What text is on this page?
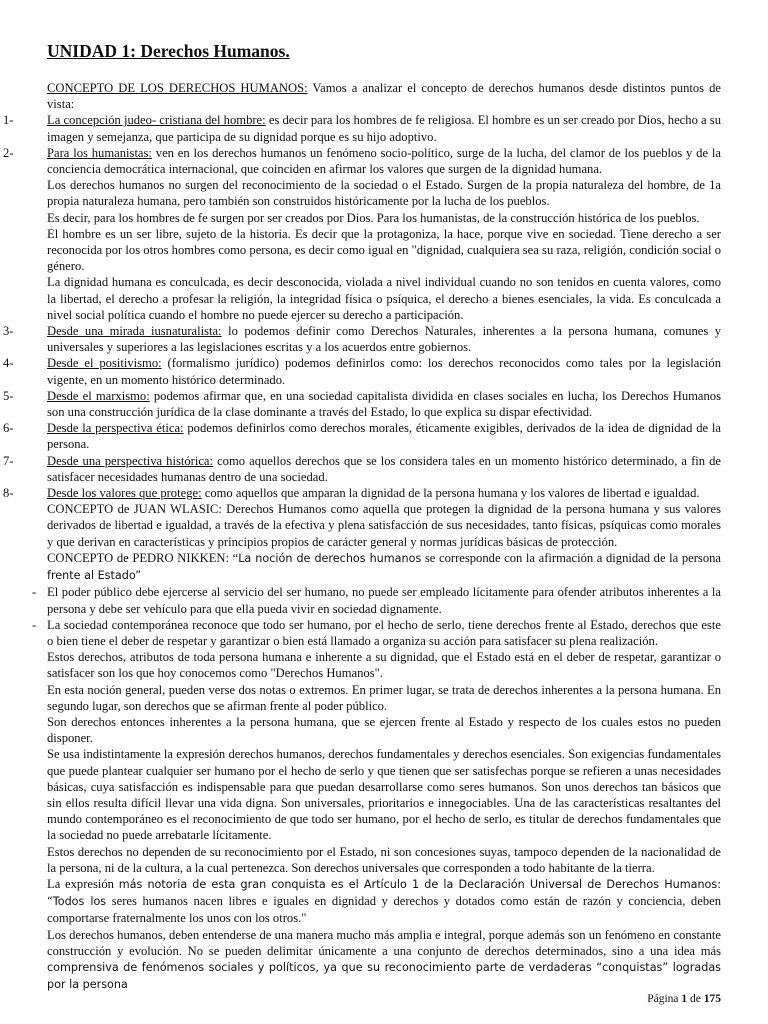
UNIDAD 1: Derechos Humanos.

CONCEPTO DE LOS DERECHOS HUMANOS: Vamos a analizar el concepto de derechos humanos desde distintos puntos de vista:

1-	La concepción judeo- cristiana del hombre: es decir para los hombres de fe religiosa. El hombre es un ser creado por Dios, hecho a su imagen y semejanza, que participa de su dignidad porque es su hijo adoptivo.

2-	Para los humanistas: ven en los derechos humanos un fenómeno socio-político, surge de la lucha, del clamor de los pueblos y de la conciencia democrática internacional, que coinciden en afirmar los valores que surgen de la dignidad humana.

Los derechos humanos no surgen del reconocimiento de la sociedad o el Estado. Surgen de la propia naturaleza del hombre, de 1a propia naturaleza humana, pero también son construidos históricamente por la lucha de los pueblos.

Es decir, para los hombres de fe surgen por ser creados por Dios. Para los humanistas, de la construcción histórica de los pueblos.

El hombre es un ser libre, sujeto de la historia. Es decir que la protagoniza, la hace, porque vive en sociedad. Tiene derecho a ser reconocida por los otros hombres como persona, es decir como igual en "dignidad, cualquiera sea su raza, religión, condición social o género.

La dignidad humana es conculcada, es decir desconocida, violada a nivel individual cuando no son tenidos en cuenta valores, como la libertad, el derecho a profesar la religión, la integridad física o psíquica, el derecho a bienes esenciales, la vida. Es conculcada a nivel social política cuando el hombre no puede ejercer su derecho a participación.

3-	Desde una mirada iusnaturalista: lo podemos definir como Derechos Naturales, inherentes a la persona humana, comunes y universales y superiores a las legislaciones escritas y a los acuerdos entre gobiernos.

4-	Desde el positivismo: (formalismo jurídico) podemos definirlos como: los derechos reconocidos como tales por la legislación vigente, en un momento histórico determinado.

5-	Desde el marxismo: podemos afirmar que, en una sociedad capitalista dividida en clases sociales en lucha, los Derechos Humanos son una construcción jurídica de la clase dominante a través del Estado, lo que explica su dispar efectividad.

6-	Desde la perspectiva ética: podemos definirlos como derechos morales, éticamente exigibles, derivados de la idea de dignidad de la persona.

7-	Desde una perspectiva histórica: como aquellos derechos que se los considera tales en un momento histórico determinado, a fin de satisfacer necesidades humanas dentro de una sociedad.

8-	Desde los valores que protege: como aquellos que amparan la dignidad de la persona humana y los valores de libertad e igualdad.

CONCEPTO de JUAN WLASIC: Derechos Humanos como aquella que protegen la dignidad de la persona humana y sus valores derivados de libertad e igualdad, a través de la efectiva y plena satisfacción de sus necesidades, tanto físicas, psíquicas como morales y que derivan en características y principios propios de carácter general y normas jurídicas básicas de protección.

CONCEPTO de PEDRO NIKKEN: “La noción de derechos humanos se corresponde con la afirmación a dignidad de la persona frente al Estado”

- El poder público debe ejercerse al servicio del ser humano, no puede ser empleado lícitamente para ofender atributos inherentes a la persona y debe ser vehículo para que ella pueda vivir en sociedad dignamente.

- La sociedad contemporánea reconoce que todo ser humano, por el hecho de serlo, tiene derechos frente al Estado, derechos que este o bien tiene el deber de respetar y garantizar o bien está llamado a organiza su acción para satisfacer su plena realización.

Estos derechos, atributos de toda persona humana e inherente a su dignidad, que el Estado está en el deber de respetar, garantizar o satisfacer son los que hoy conocemos como "Derechos Humanos".

En esta noción general, pueden verse dos notas o extremos. En primer lugar, se trata de derechos inherentes a la persona humana. En segundo lugar, son derechos que se afirman frente al poder público.

Son derechos entonces inherentes a la persona humana, que se ejercen frente al Estado y respecto de los cuales estos no pueden disponer.

Se usa indistintamente la expresión derechos humanos, derechos fundamentales y derechos esenciales. Son exigencias fundamentales que puede plantear cualquier ser humano por el hecho de serlo y que tienen que ser satisfechas porque se refieren a unas necesidades básicas, cuya satisfacción es indispensable para que puedan desarrollarse como seres humanos. Son unos derechos tan básicos que sin ellos resulta difícil llevar una vida digna. Son universales, prioritarios e innegociables. Una de las características resaltantes del mundo contemporáneo es el reconocimiento de que todo ser humano, por el hecho de serlo, es titular de derechos fundamentales que la sociedad no puede arrebatarle lícitamente.

Estos derechos no dependen de su reconocimiento por el Estado, ni son concesiones suyas, tampoco dependen de la nacionalidad de la persona, ni de la cultura, a la cual pertenezca. Son derechos universales que corresponden a todo habitante de la tierra.

La expresión más notoria de esta gran conquista es el Artículo 1 de la Declaración Universal de Derechos Humanos: “Todos los seres humanos nacen libres e iguales en dignidad y derechos y dotados como están de razón y conciencia, deben comportarse fraternalmente los unos con los otros."

Los derechos humanos, deben entenderse de una manera mucho más amplia e integral, porque además son un fenómeno en constante construcción y evolución. No se pueden delimitar únicamente a una conjunto de derechos determinados, sino a una idea más comprensiva de fenómenos sociales y políticos, ya que su reconocimiento parte de verdaderas “conquistas” logradas por la persona

Página 1 de 175
